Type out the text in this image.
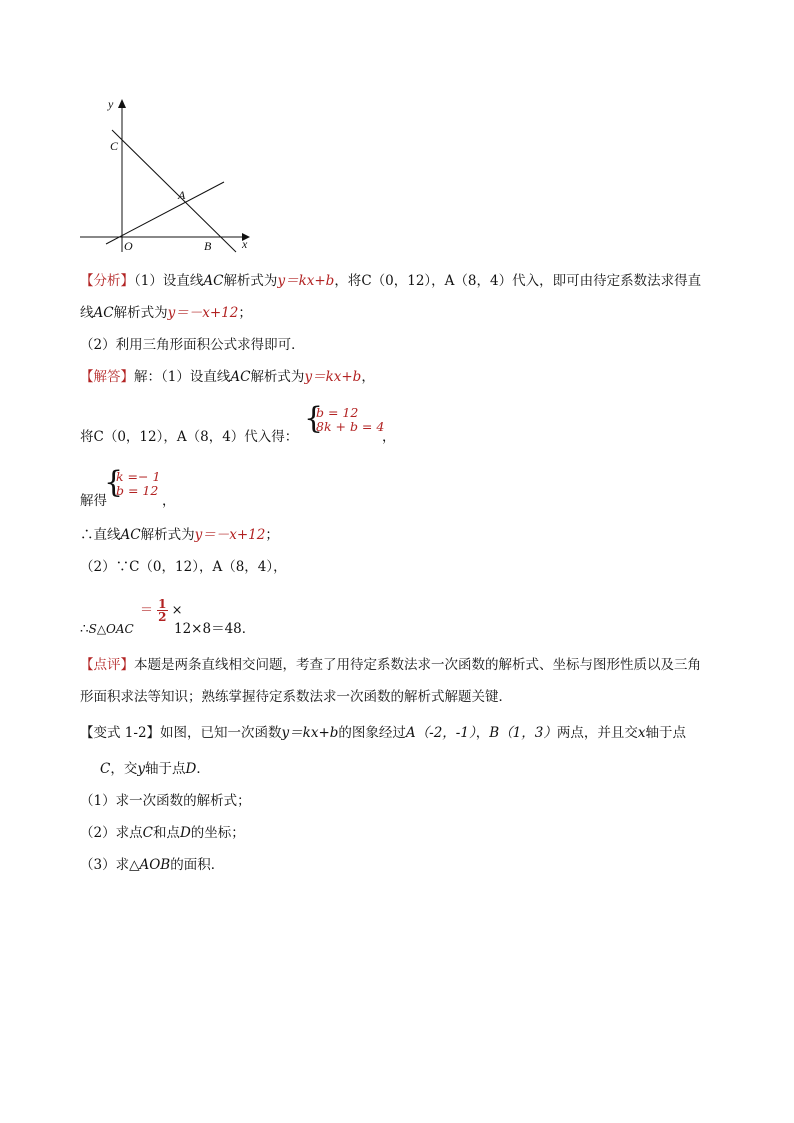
y
C
A
O	B	x
【分析】（1）设直线AC解析式为y＝kx+b，将C（0，12），A（8，4）代入，即可由待定系数法求得直
线AC解析式为y＝－x+12；
（2）利用三角形面积公式求得即可．
【解答】解：（1）设直线AC解析式为y＝kx+b，
将C（0，12），A（8，4）代入得：
{
b = 12
8k + b = 4
，
{
k =− 1
b = 12
解得	，
∴直线AC解析式为y＝－x+12；
（2）∵C（0，12），A（8，4），
∴S△OAC
＝ $\frac{1}{2}$ ×
12×8＝48．
【点评】本题是两条直线相交问题，考查了用待定系数法求一次函数的解析式、坐标与图形性质以及三角
形面积求法等知识；熟练掌握待定系数法求一次函数的解析式解题关键．
【变式 1-2】如图，已知一次函数y＝kx+b的图象经过A（-2，-1），B（1，3）两点，并且交x轴于点
C，交y轴于点D．
（1）求一次函数的解析式；
（2）求点C和点D的坐标；
（3）求△AOB的面积．
